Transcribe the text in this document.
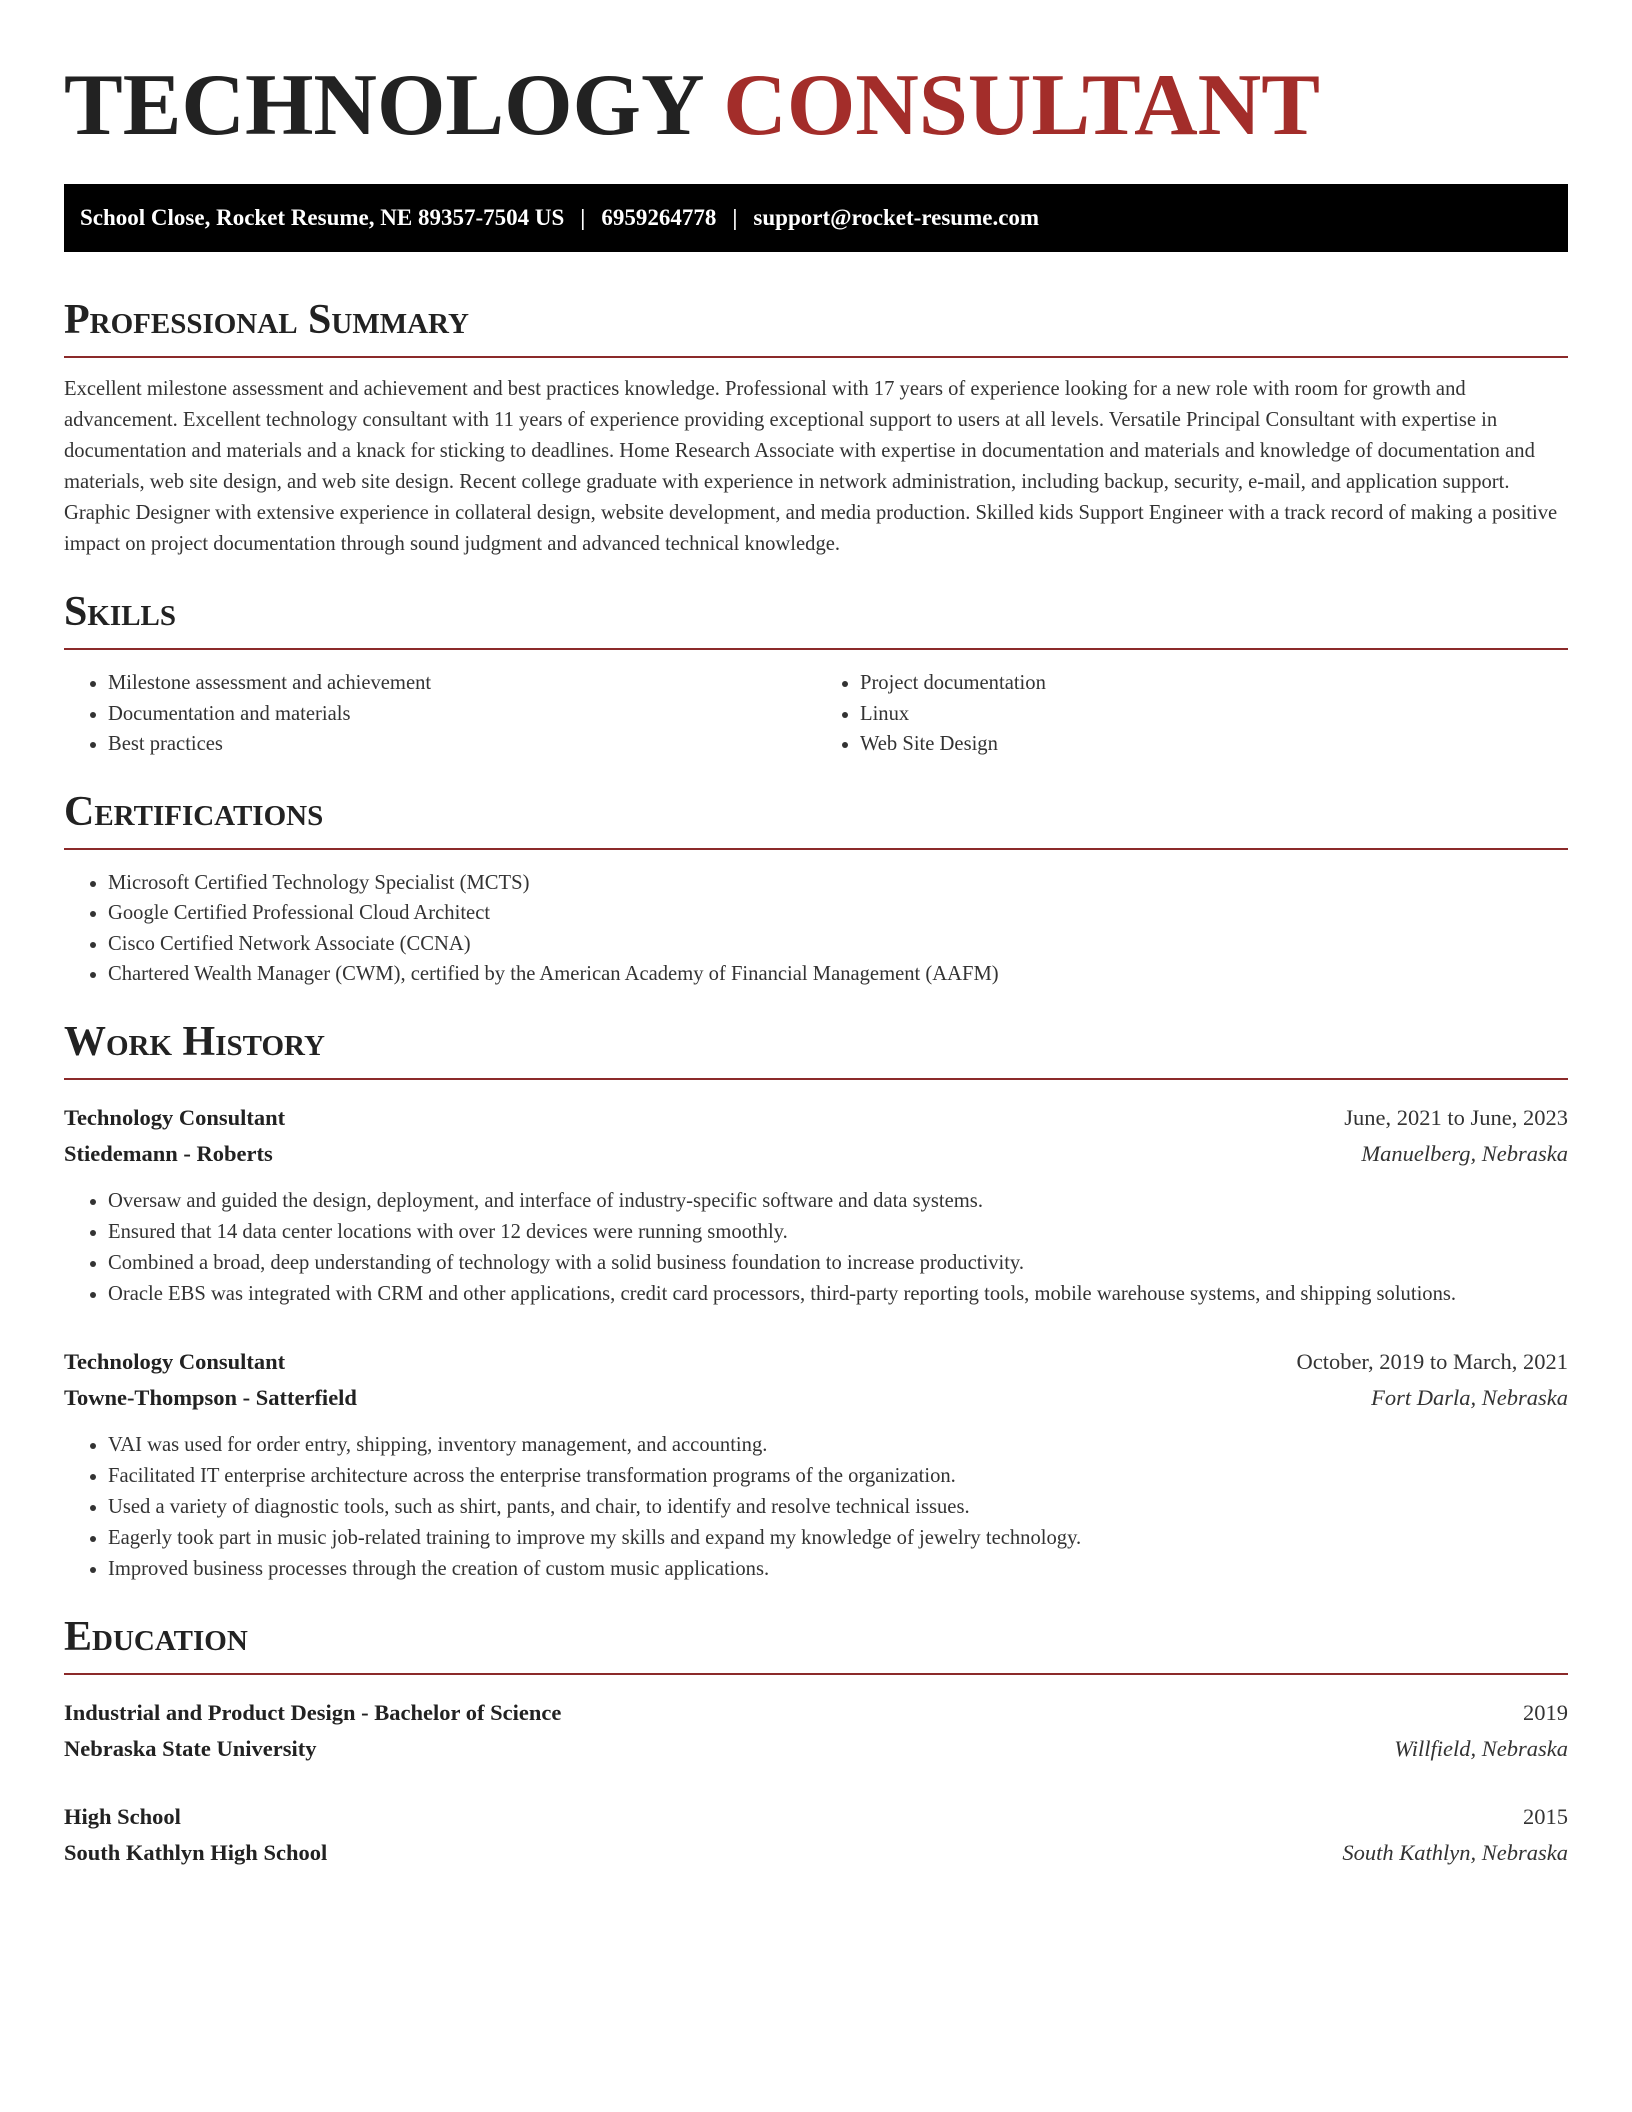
TECHNOLOGY CONSULTANT
School Close, Rocket Resume, NE 89357-7504 US | 6959264778 | support@rocket-resume.com
Professional Summary

Excellent milestone assessment and achievement and best practices knowledge. Professional with 17 years of experience looking for a new role with room for growth and advancement. Excellent technology consultant with 11 years of experience providing exceptional support to users at all levels. Versatile Principal Consultant with expertise in documentation and materials and a knack for sticking to deadlines. Home Research Associate with expertise in documentation and materials and knowledge of documentation and materials, web site design, and web site design. Recent college graduate with experience in network administration, including backup, security, e-mail, and application support. Graphic Designer with extensive experience in collateral design, website development, and media production. Skilled kids Support Engineer with a track record of making a positive impact on project documentation through sound judgment and advanced technical knowledge.

Skills
• Milestone assessment and achievement
• Documentation and materials
• Best practices
• Project documentation
• Linux
• Web Site Design
Certifications
• Microsoft Certified Technology Specialist (MCTS)
• Google Certified Professional Cloud Architect
• Cisco Certified Network Associate (CCNA)
• Chartered Wealth Manager (CWM), certified by the American Academy of Financial Management (AAFM)
Work History
Technology Consultant	June, 2021 to June, 2023
Stiedemann - Roberts	Manuelberg, Nebraska
• Oversaw and guided the design, deployment, and interface of industry-specific software and data systems.
• Ensured that 14 data center locations with over 12 devices were running smoothly.
• Combined a broad, deep understanding of technology with a solid business foundation to increase productivity.
• Oracle EBS was integrated with CRM and other applications, credit card processors, third-party reporting tools, mobile warehouse systems, and shipping solutions.
Technology Consultant	October, 2019 to March, 2021
Towne-Thompson - Satterfield	Fort Darla, Nebraska
• VAI was used for order entry, shipping, inventory management, and accounting.
• Facilitated IT enterprise architecture across the enterprise transformation programs of the organization.
• Used a variety of diagnostic tools, such as shirt, pants, and chair, to identify and resolve technical issues.
• Eagerly took part in music job-related training to improve my skills and expand my knowledge of jewelry technology.
• Improved business processes through the creation of custom music applications.
Education
Industrial and Product Design - Bachelor of Science	2019
Nebraska State University	Willfield, Nebraska
High School	2015
South Kathlyn High School	South Kathlyn, Nebraska
